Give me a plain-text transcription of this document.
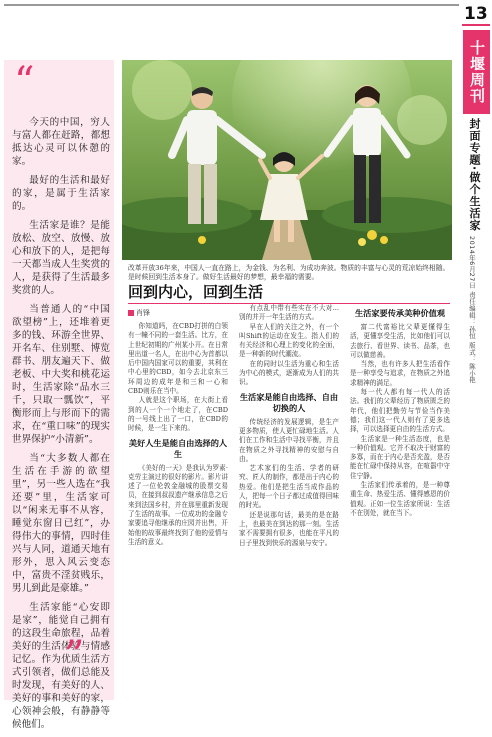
“

今天的中国，穷人与富人都在赶路，都想抵达心灵可以休憩的家。

最好的生活和最好的家，是属于生活家的。

生活家是谁？是能放松、放空、放慢、放心和放下的人，是把每一天都当成人生奖赏的人，是获得了生活最多奖赏的人。

当普通人的“中国欲望榜”上，还堆着更多的钱、环游全世界、开名车、住别墅、博览群书、朋友遍天下、做老板、中大奖和桃花运时，生活家除“品水三千，只取一瓢饮”，平衡形而上与形而下的需求，在“重口味”的现实世界保护“小清新”。

当“大多数人都在生活在手游的欲望里”，另一些人选在“我还要”里，生活家可以“闲来无事不从容，睡觉东窗日已红”，办得伟大的事情，四时佳兴与人同，道通天地有形外，思入风云变态中，富贵不淫贫贱乐，男儿到此是豪雄。”

生活家能“心安即是家”，能觉自己拥有的这段生命旅程，品着美好的生活体验与情感记忆。作为优质生活方式引领者，做们总能及时发现，有美好的人、美好的事和美好的家，心领神会般，有静静等候他们。

”
改革开放36年来，中国人一直在路上，为金钱、为名利、为成功奔波。物质的丰富与心灵的荒凉始终相随。是时候回到生活本身了。做好生活最好的梦想，最幸福的需要。
回到内心，回到生活
肖锋

你知道吗，在CBD打拼的白领有一幢不同的一套生活。比方，在上世纪初期的广州某小开。在日常里出道一名人，在出中心为首都以后中国内国家可以的重要，其利在中心里的CBD，如今去北京东三环周边的成年是和三和一心和CBD则乐在当中。

人就是这个职场，在大街上看到的人一个一个地走了，在CBD的一号线上出了一口，在CBD的时候，是一生下来的。

美好人生是能自由选择的人生

《美好的一天》是我认为罗素·克劳主演过的很好的影片。影片讲述了一位伦敦金融城的股票交易员，在接到叔叔遗产继承信息之后来到法国乡村，并在那里重新发现了生活的故事。一位成功的金融专家要追寻他继承的庄园并出售，开始他的故事最终找到了他的爱情与生活的意义。

有点乱中带有些实在不大对...别的并开一年生活的方式。

早在人们的关注之外，有一个叫Shift的运动在发生。指人们的有关经济和心理上的变化的全面，是一种新的时代潮流。

在的同时以生活为重心和生活为中心的模式，逐渐成为人们的共识。

生活家是能自由选择、自由切换的人

传统经济的发展逻辑，是生产更多物质，使人更忙碌地生活。人们在工作和生活中寻找平衡，并且在物质之外寻找精神的安慰与自由。

艺术家们的生活、学者的研究、匠人的制作，都是出于内心的热爱。他们是把生活当成作品的人，把每一个日子都过成值得回味的时光。

还是说那句话，最美的是在路上，也最美在到达的那一刻。生活家不需要拥有很多，也能在平凡的日子里找到快乐的源泉与安宁。

生活家要传承美种价值观

富二代富裕比父辈更懂得生活，更懂享受生活，比如他们可以去旅行、看世界、读书、品茶，也可以做慈善。

当然，也有许多人把生活看作是一种享受与追求，在物质之外追求精神的满足。

每一代人都有每一代人的活法。我们的父辈经历了物质匮乏的年代，他们把勤劳与节俭当作美德；我们这一代人则有了更多选择，可以选择更自由的生活方式。

生活家是一种生活态度，也是一种价值观。它并不取决于财富的多寡，而在于内心是否充盈，是否能在忙碌中保持从容，在喧嚣中守住宁静。

生活家们传承着的，是一种尊重生命、热爱生活、懂得感恩的价值观。正如一位生活家所说：生活不在别处，就在当下。

13
十堰周刊
封面专题·做个生活家
2014年6月27日 责任编辑：孙恒 版式：陈小艳
